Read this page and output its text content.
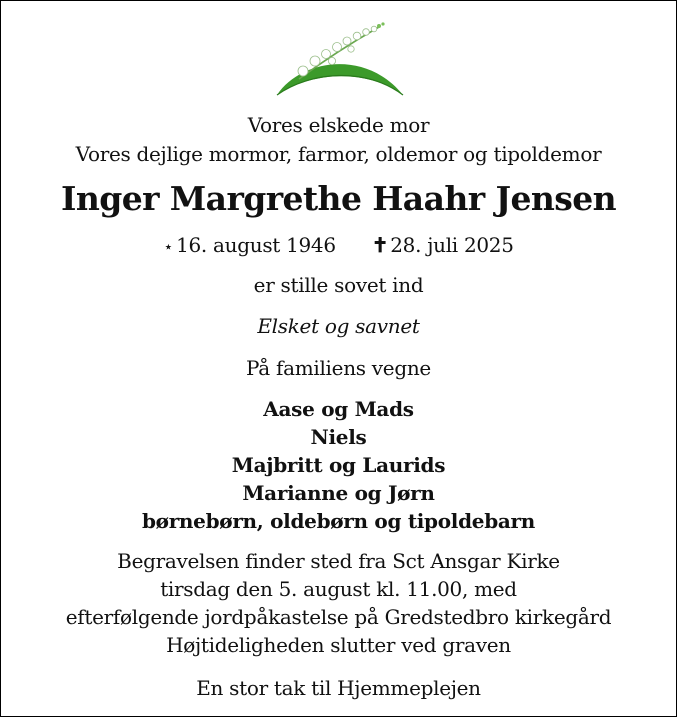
Vores elskede mor
Vores dejlige mormor, farmor, oldemor og tipoldemor
Inger Margrethe Haahr Jensen
⋆ 16. august 1946 ✝ 28. juli 2025
er stille sovet ind
Elsket og savnet
På familiens vegne
Aase og Mads
Niels
Majbritt og Laurids
Marianne og Jørn
børnebørn, oldebørn og tipoldebarn
Begravelsen finder sted fra Sct Ansgar Kirke
tirsdag den 5. august kl. 11.00, med
efterfølgende jordpåkastelse på Gredstedbro kirkegård
Højtideligheden slutter ved graven
En stor tak til Hjemmeplejen
